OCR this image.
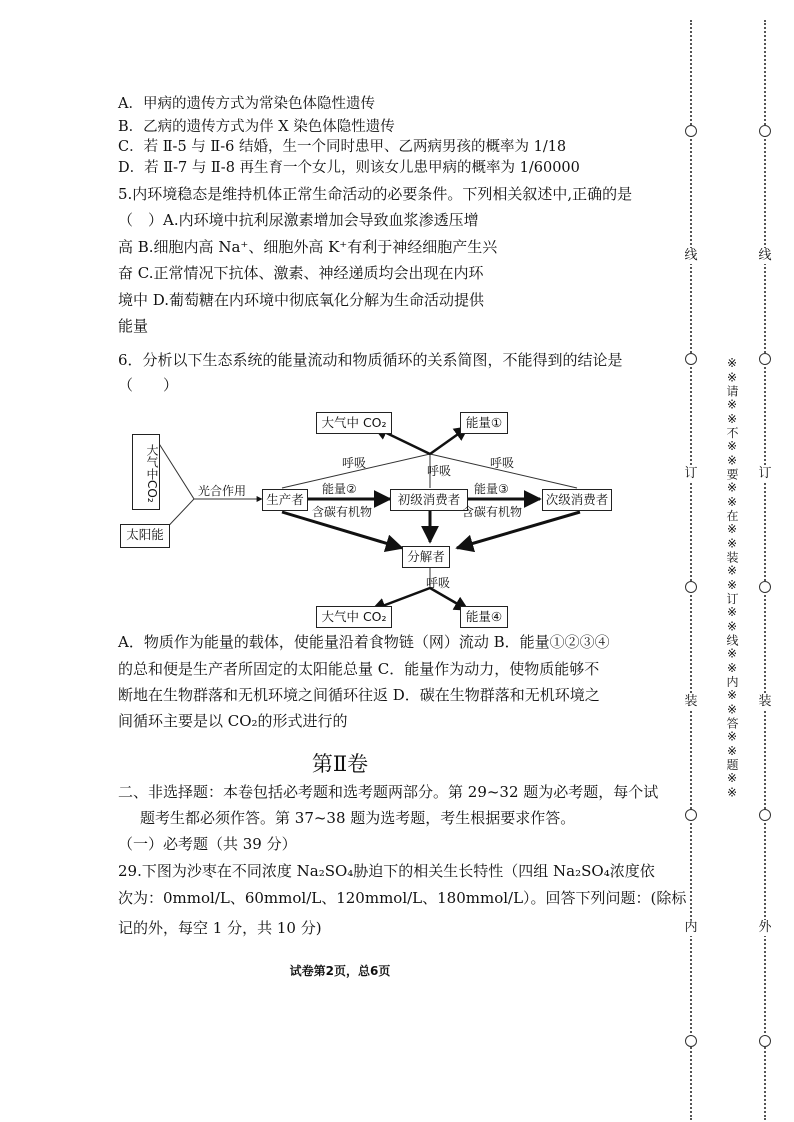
A．甲病的遗传方式为常染色体隐性遗传
B．乙病的遗传方式为伴 X 染色体隐性遗传
C．若 Ⅱ-5 与 Ⅱ-6 结婚，生一个同时患甲、乙两病男孩的概率为 1/18
D．若 Ⅱ-7 与 Ⅱ-8 再生育一个女儿，则该女儿患甲病的概率为 1/60000
5.内环境稳态是维持机体正常生命活动的必要条件。下列相关叙述中,正确的是
（　）A.内环境中抗利尿激素增加会导致血浆渗透压增
高 B.细胞内高 Na⁺、细胞外高 K⁺有利于神经细胞产生兴
奋 C.正常情况下抗体、激素、神经递质均会出现在内环
境中 D.葡萄糖在内环境中彻底氧化分解为生命活动提供
能量
6．分析以下生态系统的能量流动和物质循环的关系简图，不能得到的结论是
（　　）
大气中CO₂
太阳能
光合作用
生产者	初级消费者	次级消费者
分解者
大气中 CO₂	能量①
大气中 CO₂	能量④
呼吸
呼吸
呼吸
能量②
含碳有机物
能量③
含碳有机物
呼吸
A．物质作为能量的载体，使能量沿着食物链（网）流动 B．能量①②③④
的总和便是生产者所固定的太阳能总量 C．能量作为动力，使物质能够不
断地在生物群落和无机环境之间循环往返 D．碳在生物群落和无机环境之
间循环主要是以 CO₂的形式进行的
第Ⅱ卷
二、非选择题：本卷包括必考题和选考题两部分。第 29~32 题为必考题，每个试
题考生都必须作答。第 37~38 题为选考题，考生根据要求作答。
（一）必考题（共 39 分）
29.下图为沙枣在不同浓度 Na₂SO₄胁迫下的相关生长特性（四组 Na₂SO₄浓度依
次为：0mmol/L、60mmol/L、120mmol/L、180mmol/L）。回答下列问题：(除标
记的外，每空 1 分，共 10 分)
试卷第2页，总6页
线
订
装
内
线
订
装
外
※※请※※不※※要※※在※※装※※订※※线※※内※※答※※题※※
